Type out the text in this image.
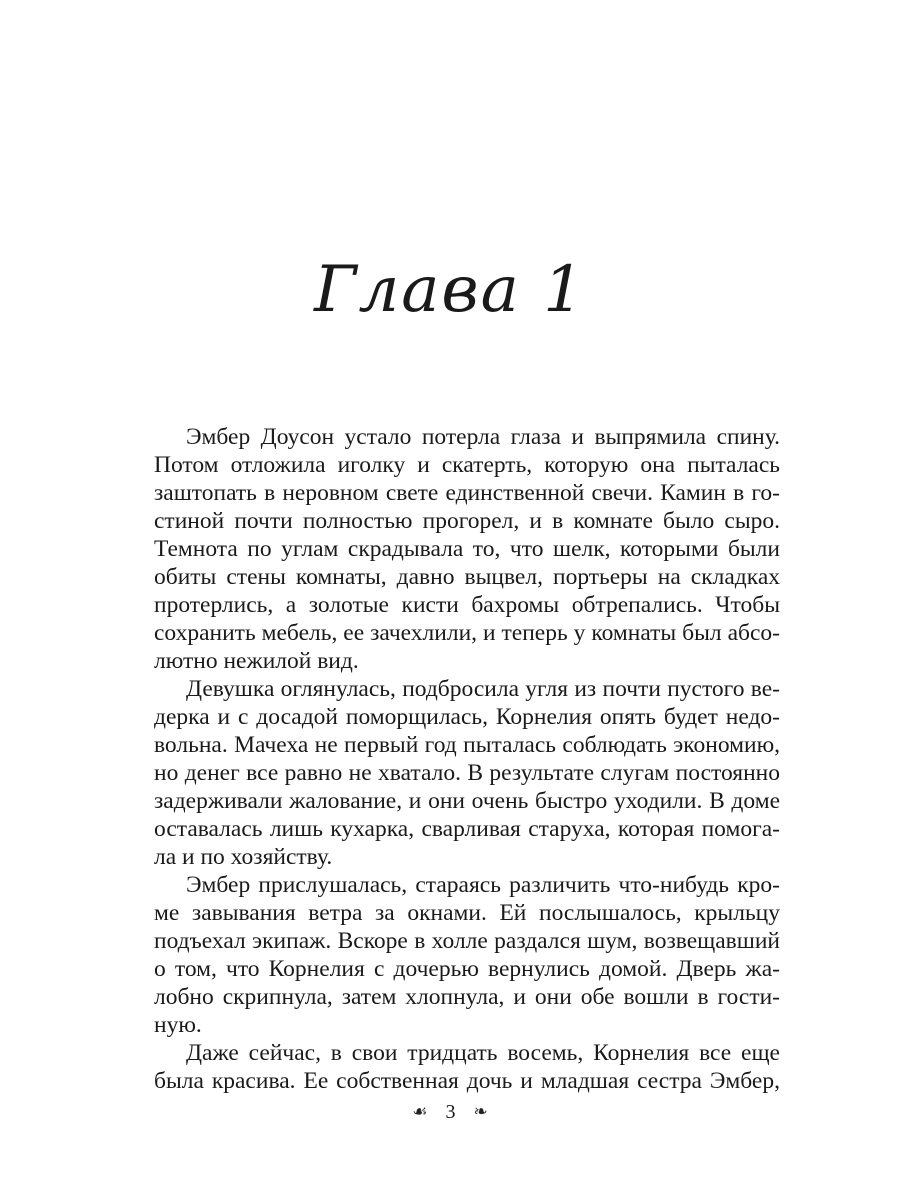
Глава 1
Эмбер Доусон устало потерла глаза и выпрямила спину.
Потом отложила иголку и скатерть, которую она пыталась
заштопать в неровном свете единственной свечи. Камин в го-
стиной почти полностью прогорел, и в комнате было сыро.
Темнота по углам скрадывала то, что шелк, которыми были
обиты стены комнаты, давно выцвел, портьеры на складках
протерлись, а золотые кисти бахромы обтрепались. Чтобы
сохранить мебель, ее зачехлили, и теперь у комнаты был абсо-
лютно нежилой вид.
Девушка оглянулась, подбросила угля из почти пустого ве-
дерка и с досадой поморщилась, Корнелия опять будет недо-
вольна. Мачеха не первый год пыталась соблюдать экономию,
но денег все равно не хватало. В результате слугам постоянно
задерживали жалование, и они очень быстро уходили. В доме
оставалась лишь кухарка, сварливая старуха, которая помога-
ла и по хозяйству.
Эмбер прислушалась, стараясь различить что-нибудь кро-
ме завывания ветра за окнами. Ей послышалось, крыльцу
подъехал экипаж. Вскоре в холле раздался шум, возвещавший
о том, что Корнелия с дочерью вернулись домой. Дверь жа-
лобно скрипнула, затем хлопнула, и они обе вошли в гости-
ную.
Даже сейчас, в свои тридцать восемь, Корнелия все еще
была красива. Ее собственная дочь и младшая сестра Эмбер,
☙ 3 ❧
